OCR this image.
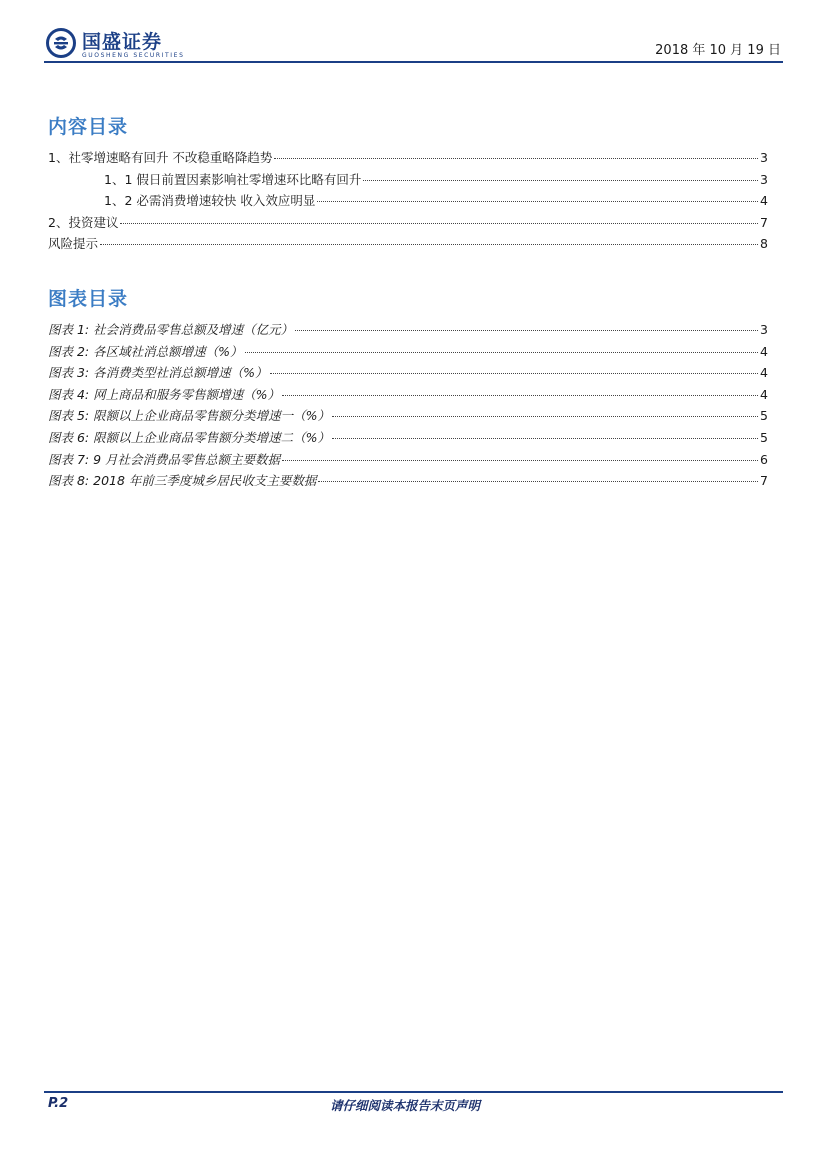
国盛证券
GUOSHENG SECURITIES	2018 年 10 月 19 日
内容目录
1、社零增速略有回升 不改稳重略降趋势	3
1、1 假日前置因素影响社零增速环比略有回升	3
1、2 必需消费增速较快 收入效应明显	4
2、投资建议	7
风险提示	8
图表目录
图表 1: 社会消费品零售总额及增速（亿元）	3
图表 2: 各区域社消总额增速（%）	4
图表 3: 各消费类型社消总额增速（%）	4
图表 4: 网上商品和服务零售额增速（%）	4
图表 5: 限额以上企业商品零售额分类增速一（%）	5
图表 6: 限额以上企业商品零售额分类增速二（%）	5
图表 7: 9 月社会消费品零售总额主要数据	6
图表 8: 2018 年前三季度城乡居民收支主要数据	7
P.2	请仔细阅读本报告末页声明
